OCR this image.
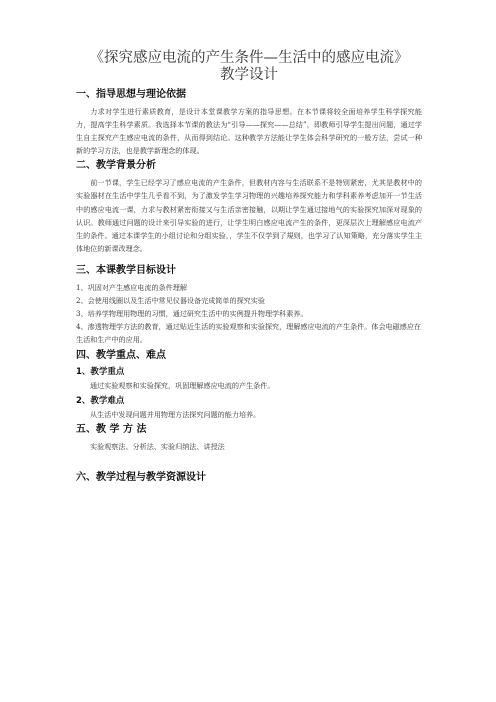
《探究感应电流的产生条件—生活中的感应电流》

教学设计

一、指导思想与理论依据

力求对学生进行素质教育，是设计本堂课教学方案的指导思想。在本节课将较全面培养学生科学探究能力，提高学生科学素质。我选择本节课的教法为“引导——探究——总结”，即教师引导学生提出问题，通过学生自主探究产生感应电流的条件，从而得到结论。这种教学方法能让学生体会科学研究的一般方法，尝试一种新的学习方法，也是教学新理念的体现。

二、教学背景分析

前一节课，学生已经学习了感应电流的产生条件，但教材内容与生活联系不是特别紧密，尤其是教材中的实验器材在生活中学生几乎看不到，为了激发学生学习物理的兴趣培养探究能力和学科素养考虑加开一节生活中的感应电流一课，力求与教材紧密衔接又与生活亲密接触，以期让学生通过接地气的实验探究加深对现象的认识。教师通过问题的设计来引导实验的进行，让学生明白感应电流产生的条件，更深层次上理解感应电流产生的条件。通过本课学生的小组讨论和分组实验，，学生不仅学到了規则，也学习了认知策略，充分落实学生主体地位的新课改理念。

三、本课教学目标设计

1、巩固对产生感应电流的条件理解

2、会使用线圈以及生活中常见仪器设备完成简单的探究实验

3、培养学物理用物理的习惯，通过研究生活中的实例提升物理学科素养。

4、渗透物理学方法的教育，通过贴近生活的实验观察和实验探究，理解感应电流的产生条件。体会电磁感应在生活和生产中的应用。

四、教学重点、难点
1、教学重点

通过实验观察和实验探究，巩固理解感应电流的产生条件。

2、教学难点

从生活中发现问题并用物理方法探究问题的能力培养。

五、教 学 方 法

实验观察法、分析法、实验归纳法、讲授法

六、教学过程与教学资源设计
